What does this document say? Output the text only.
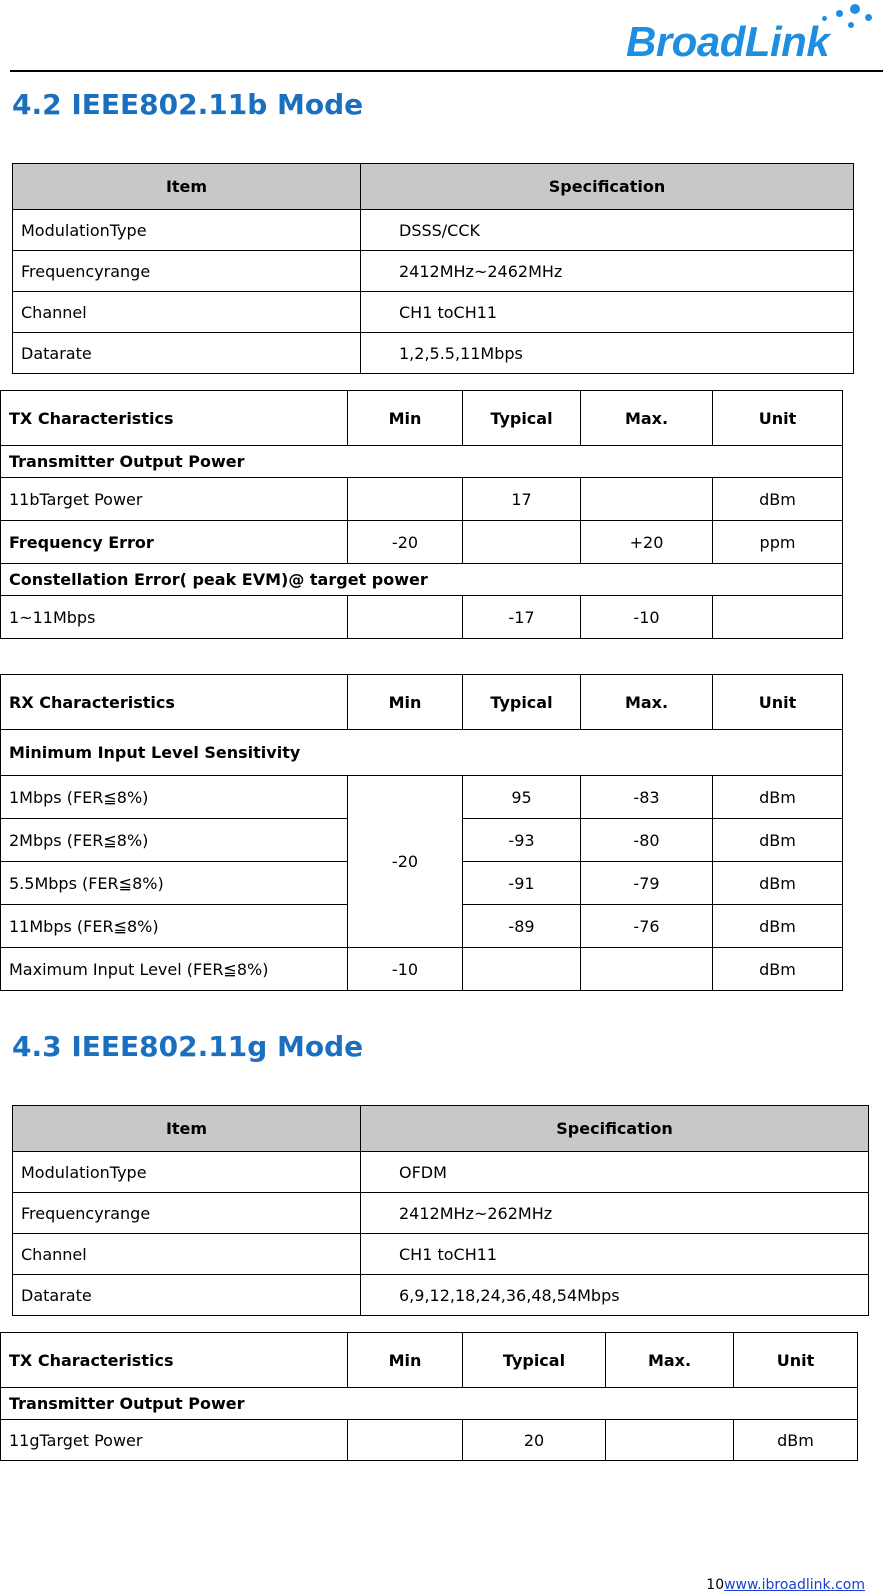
BroadLink
4.2 IEEE802.11b Mode
Item	Specification
ModulationType	DSSS/CCK
Frequencyrange	2412MHz~2462MHz
Channel	CH1 toCH11
Datarate	1,2,5.5,11Mbps
TX Characteristics	Min	Typical	Max.	Unit
Transmitter Output Power				
11bTarget Power		17		dBm
Frequency Error	-20		+20	ppm
Constellation Error( peak EVM)@ target power				
1~11Mbps		-17	-10	
RX Characteristics	Min	Typical	Max.	Unit
Minimum Input Level Sensitivity				
1Mbps (FER≦8%)	-20	95	-83	dBm
2Mbps (FER≦8%)		-93	-80	dBm
5.5Mbps (FER≦8%)		-91	-79	dBm
11Mbps (FER≦8%)		-89	-76	dBm
Maximum Input Level (FER≦8%)	-10			dBm
4.3 IEEE802.11g Mode
Item	Specification
ModulationType	OFDM
Frequencyrange	2412MHz~262MHz
Channel	CH1 toCH11
Datarate	6,9,12,18,24,36,48,54Mbps
TX Characteristics	Min	Typical	Max.	Unit
Transmitter Output Power				
11gTarget Power		20		dBm
10www.ibroadlink.com
